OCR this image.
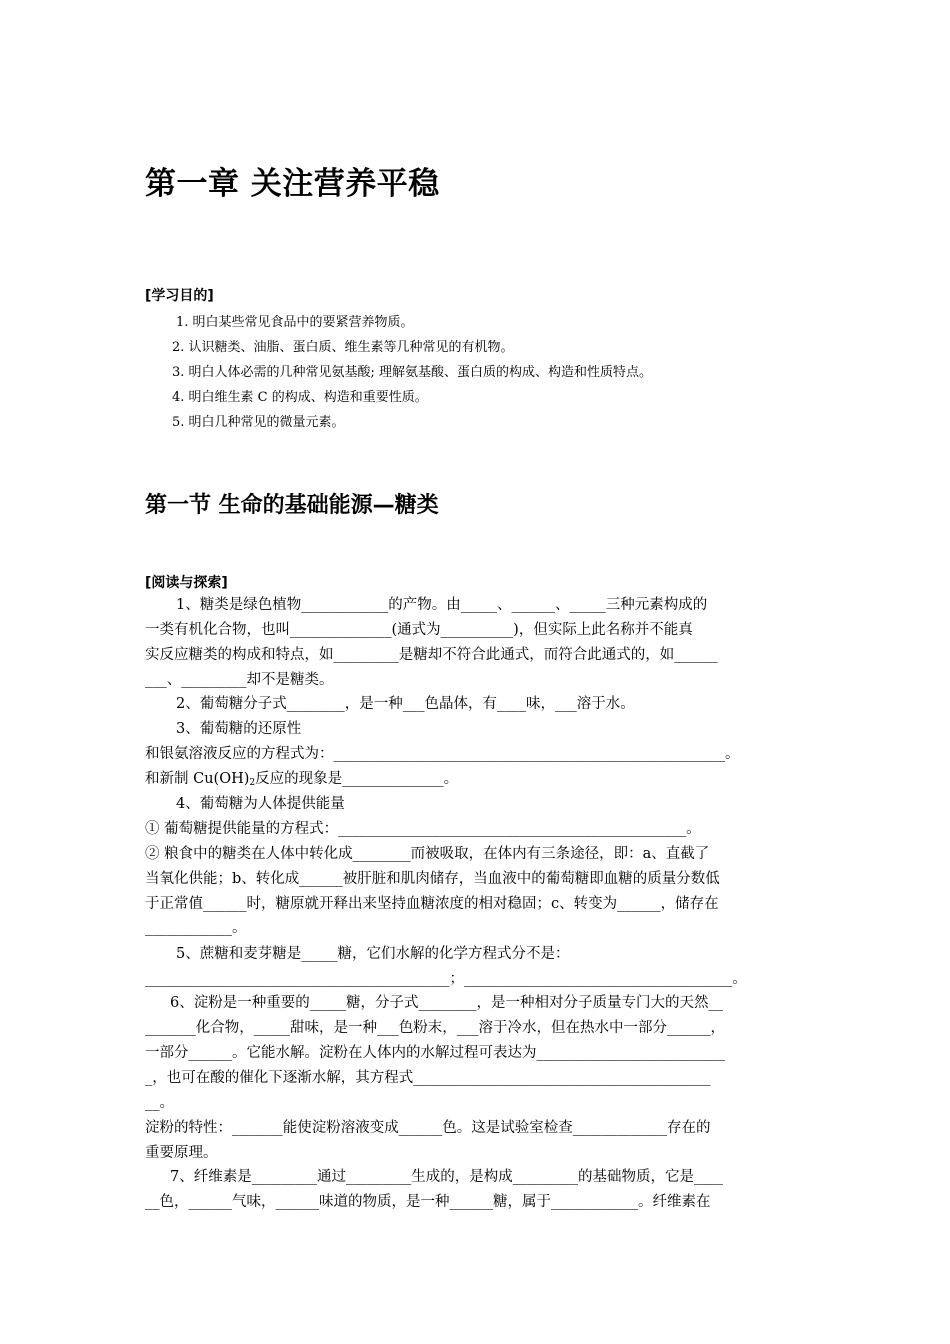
第一章 关注营养平稳
[学习目的]
1. 明白某些常见食品中的要紧营养物质。
2. 认识糖类、油脂、蛋白质、维生素等几种常见的有机物。
3. 明白人体必需的几种常见氨基酸; 理解氨基酸、蛋白质的构成、构造和性质特点。
4. 明白维生素 C 的构成、构造和重要性质。
5. 明白几种常见的微量元素。
第一节 生命的基础能源—糖类
[阅读与探索]
1、糖类是绿色植物____________的产物。由_____、______、_____三种元素构成的
一类有机化合物，也叫______________(通式为__________)，但实际上此名称并不能真
实反应糖类的构成和特点，如_________是糖却不符合此通式，而符合此通式的，如______
___、_________却不是糖类。
2、葡萄糖分子式________，是一种___色晶体，有____味，___溶于水。
3、葡萄糖的还原性
和银氨溶液反应的方程式为：______________________________________________________。
和新制 $Cu(OH)_2$反应的现象是______________。
4、葡萄糖为人体提供能量
① 葡萄糖提供能量的方程式：________________________________________________。
② 粮食中的糖类在人体中转化成________而被吸取，在体内有三条途径，即：a、直截了
当氧化供能；b、转化成______被肝脏和肌肉储存，当血液中的葡萄糖即血糖的质量分数低
于正常值______时，糖原就开释出来坚持血糖浓度的相对稳固；c、转变为______，储存在
____________。
5、蔗糖和麦芽糖是_____糖，它们水解的化学方程式分不是：
__________________________________________；_____________________________________。
6、淀粉是一种重要的_____糖，分子式________，是一种相对分子质量专门大的天然__
_______化合物，_____甜味，是一种___色粉末，___溶于冷水，但在热水中一部分______，
一部分______。它能水解。淀粉在人体内的水解过程可表达为__________________________
_，也可在酸的催化下逐渐水解，其方程式_________________________________________
__。
淀粉的特性：_______能使淀粉溶液变成______色。这是试验室检查_____________存在的
重要原理。
7、纤维素是_________通过_________生成的，是构成_________的基础物质，它是____
__色，______气味，______味道的物质，是一种______糖，属于____________。纤维素在
